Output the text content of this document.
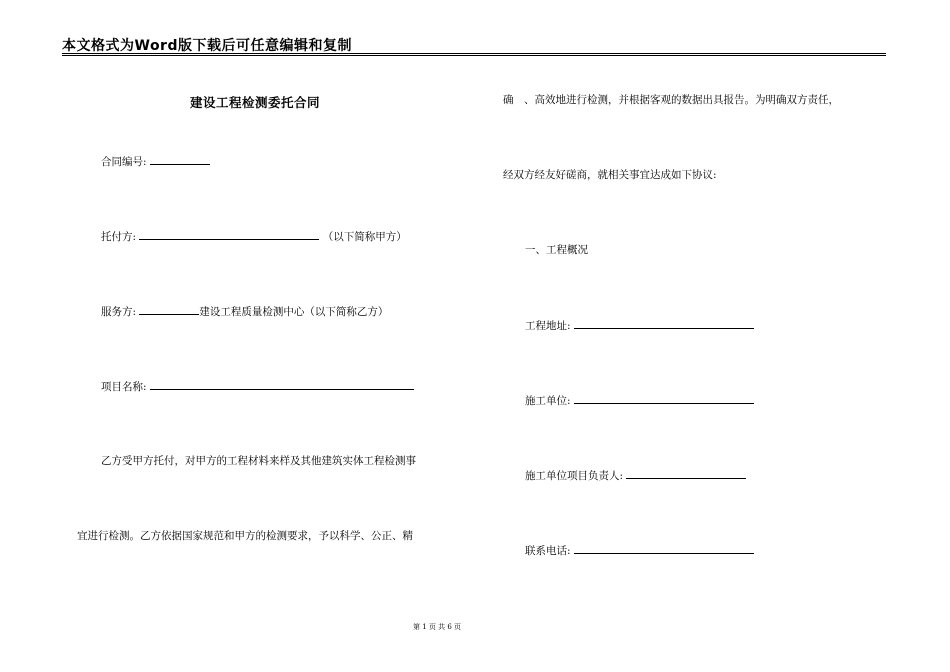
本文格式为Word版下载后可任意编辑和复制
建设工程检测委托合同
合同编号:
托付方:	（以下简称甲方）
服务方:	建设工程质量检测中心（以下简称乙方）
项目名称:
乙方受甲方托付，对甲方的工程材料来样及其他建筑实体工程检测事
宜进行检测。乙方依据国家规范和甲方的检测要求，予以科学、公正、精
确　、高效地进行检测，并根据客观的数据出具报告。为明确双方责任，
经双方经友好磋商，就相关事宜达成如下协议:
一、工程概况
工程地址:
施工单位:
施工单位项目负责人:
联系电话:
第 1 页 共 6 页
